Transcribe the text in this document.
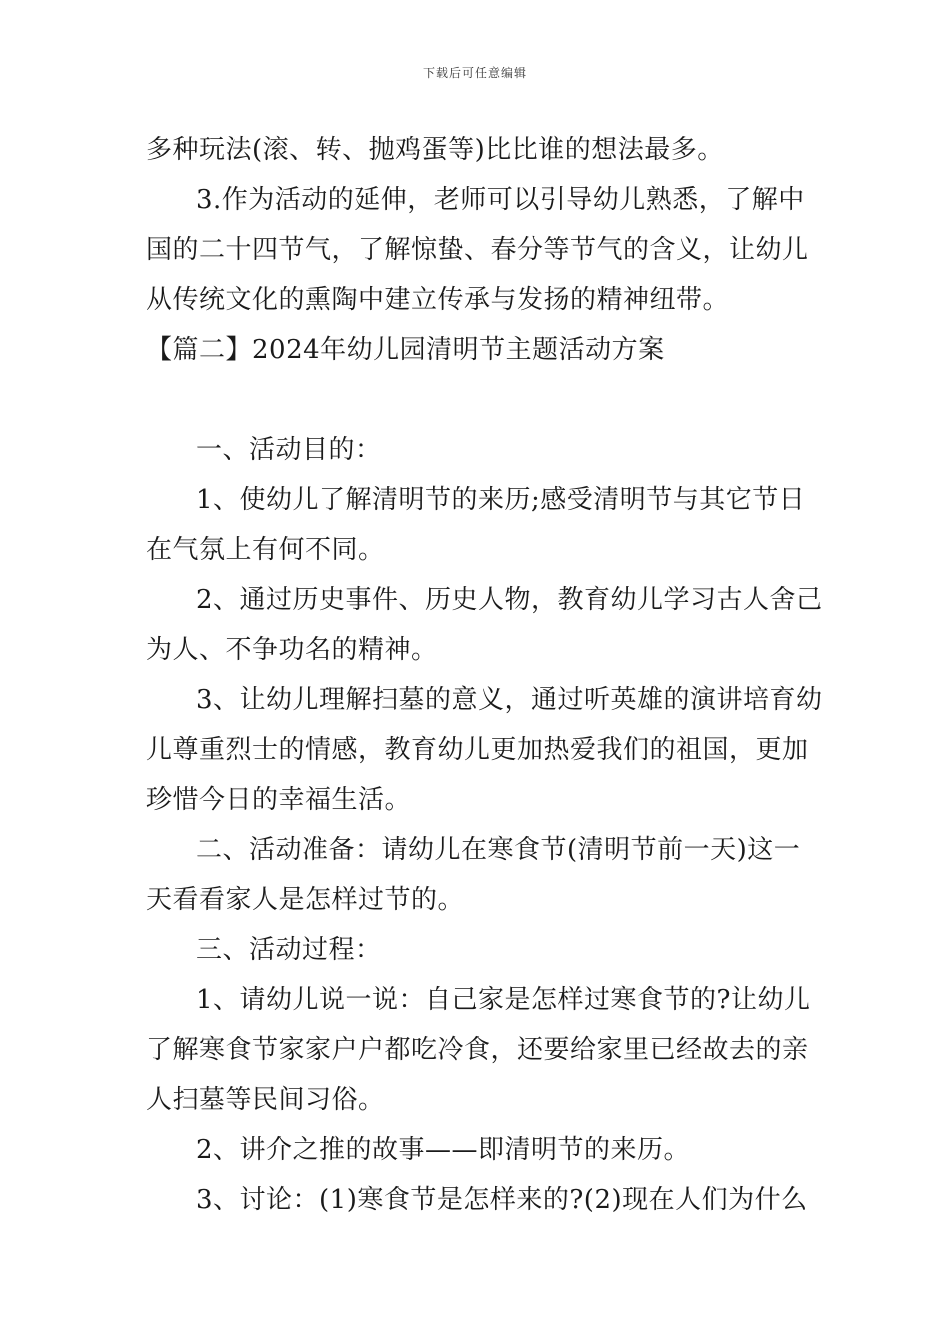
下载后可任意编辑
多种玩法(滚、转、抛鸡蛋等)比比谁的想法最多。
3.作为活动的延伸，老师可以引导幼儿熟悉，了解中
国的二十四节气，了解惊蛰、春分等节气的含义，让幼儿
从传统文化的熏陶中建立传承与发扬的精神纽带。
【篇二】2024年幼儿园清明节主题活动方案
一、活动目的：
1、使幼儿了解清明节的来历;感受清明节与其它节日
在气氛上有何不同。
2、通过历史事件、历史人物，教育幼儿学习古人舍己
为人、不争功名的精神。
3、让幼儿理解扫墓的意义，通过听英雄的演讲培育幼
儿尊重烈士的情感，教育幼儿更加热爱我们的祖国，更加
珍惜今日的幸福生活。
二、活动准备：请幼儿在寒食节(清明节前一天)这一
天看看家人是怎样过节的。
三、活动过程：
1、请幼儿说一说：自己家是怎样过寒食节的?让幼儿
了解寒食节家家户户都吃冷食，还要给家里已经故去的亲
人扫墓等民间习俗。
2、讲介之推的故事——即清明节的来历。
3、讨论：(1)寒食节是怎样来的?(2)现在人们为什么
